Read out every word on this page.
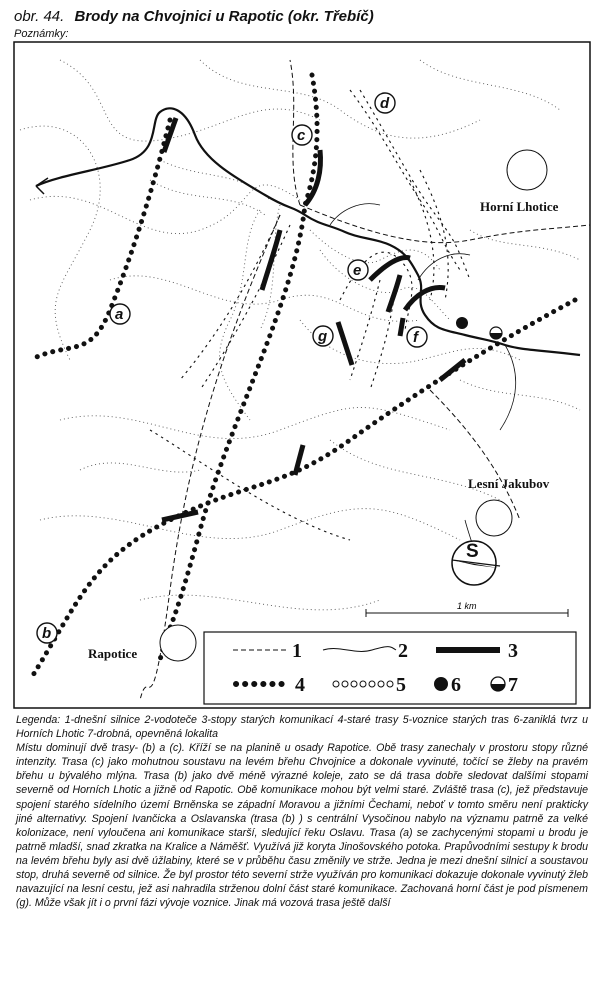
obr. 44. Brody na Chvojnici u Rapotic (okr. Třebíč)
Poznámky:
Horní Lhotice
Lesní Jakubov
Rapotice
a
b
c
d
e
f
g
S
1 km
1	2	3
4	5 6 7

Legenda: 1-dnešní silnice 2-vodoteče 3-stopy starých komunikací 4-staré trasy 5-voznice starých tras 6-zaniklá tvrz u Horních Lhotic 7-drobná, opevněná lokalita

Místu dominují dvě trasy- (b) a (c). Kříží se na planině u osady Rapotice. Obě trasy zanechaly v prostoru stopy různé intenzity. Trasa (c) jako mohutnou soustavu na levém břehu Chvojnice a dokonale vyvinuté, točící se žleby na pravém břehu u bývalého mlýna. Trasa (b) jako dvě méně výrazné koleje, zato se dá trasa dobře sledovat dalšími stopami severně od Horních Lhotic a jižně od Rapotic. Obě komunikace mohou být velmi staré. Zvláště trasa (c), jež představuje spojení starého sídelního území Brněnska se západní Moravou a jižními Čechami, neboť v tomto směru není prakticky jiné alternativy. Spojení Ivančicka a Oslavanska (trasa (b) ) s centrální Vysočinou nabylo na významu patrně za velké kolonizace, není vyloučena ani komunikace starší, sledující řeku Oslavu. Trasa (a) se zachycenými stopami u brodu je patrně mladší, snad zkratka na Kralice a Náměšť. Využívá již koryta Jinošovského potoka. Prapůvodními sestupy k brodu na levém břehu byly asi dvě úžlabiny, které se v průběhu času změnily ve strže. Jedna je mezi dnešní silnicí a soustavou stop, druhá severně od silnice. Že byl prostor této severní strže využíván pro komunikaci dokazuje dokonale vyvinutý žleb navazující na lesní cestu, jež asi nahradila strženou dolní část staré komunikace. Zachovaná horní část je pod písmenem (g). Může však jít i o první fázi vývoje voznice. Jinak má vozová trasa ještě další
